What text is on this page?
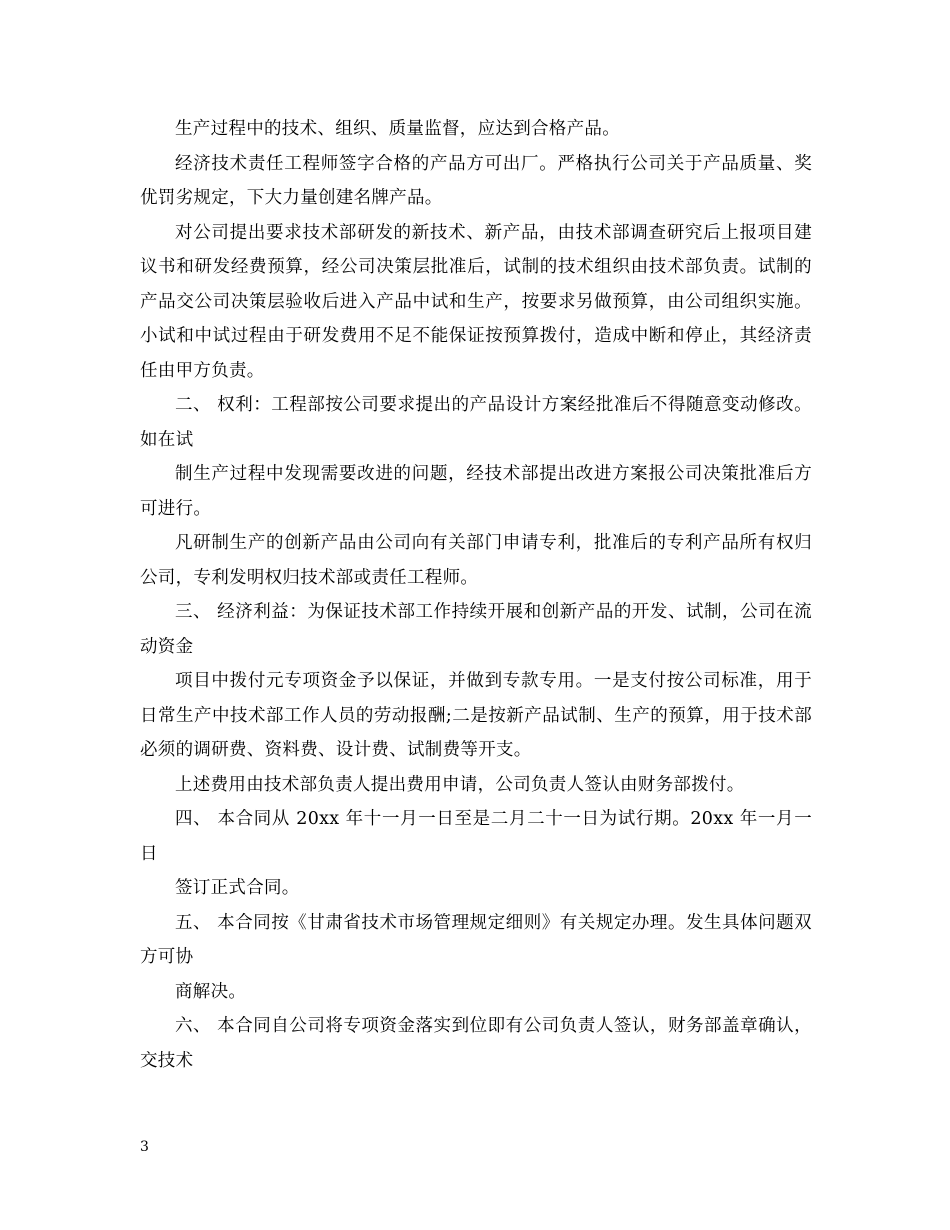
生产过程中的技术、组织、质量监督，应达到合格产品。

经济技术责任工程师签字合格的产品方可出厂。严格执行公司关于产品质量、奖优罚劣规定，下大力量创建名牌产品。

对公司提出要求技术部研发的新技术、新产品，由技术部调查研究后上报项目建议书和研发经费预算，经公司决策层批准后，试制的技术组织由技术部负责。试制的产品交公司决策层验收后进入产品中试和生产，按要求另做预算，由公司组织实施。小试和中试过程由于研发费用不足不能保证按预算拨付，造成中断和停止，其经济责任由甲方负责。

二、 权利：工程部按公司要求提出的产品设计方案经批准后不得随意变动修改。如在试

制生产过程中发现需要改进的问题，经技术部提出改进方案报公司决策批准后方可进行。

凡研制生产的创新产品由公司向有关部门申请专利，批准后的专利产品所有权归公司，专利发明权归技术部或责任工程师。

三、 经济利益：为保证技术部工作持续开展和创新产品的开发、试制，公司在流动资金

项目中拨付元专项资金予以保证，并做到专款专用。一是支付按公司标准，用于日常生产中技术部工作人员的劳动报酬;二是按新产品试制、生产的预算，用于技术部必须的调研费、资料费、设计费、试制费等开支。

上述费用由技术部负责人提出费用申请，公司负责人签认由财务部拨付。

四、 本合同从 20xx 年十一月一日至是二月二十一日为试行期。20xx 年一月一日

签订正式合同。

五、 本合同按《甘肃省技术市场管理规定细则》有关规定办理。发生具体问题双方可协

商解决。

六、 本合同自公司将专项资金落实到位即有公司负责人签认，财务部盖章确认，交技术

3
